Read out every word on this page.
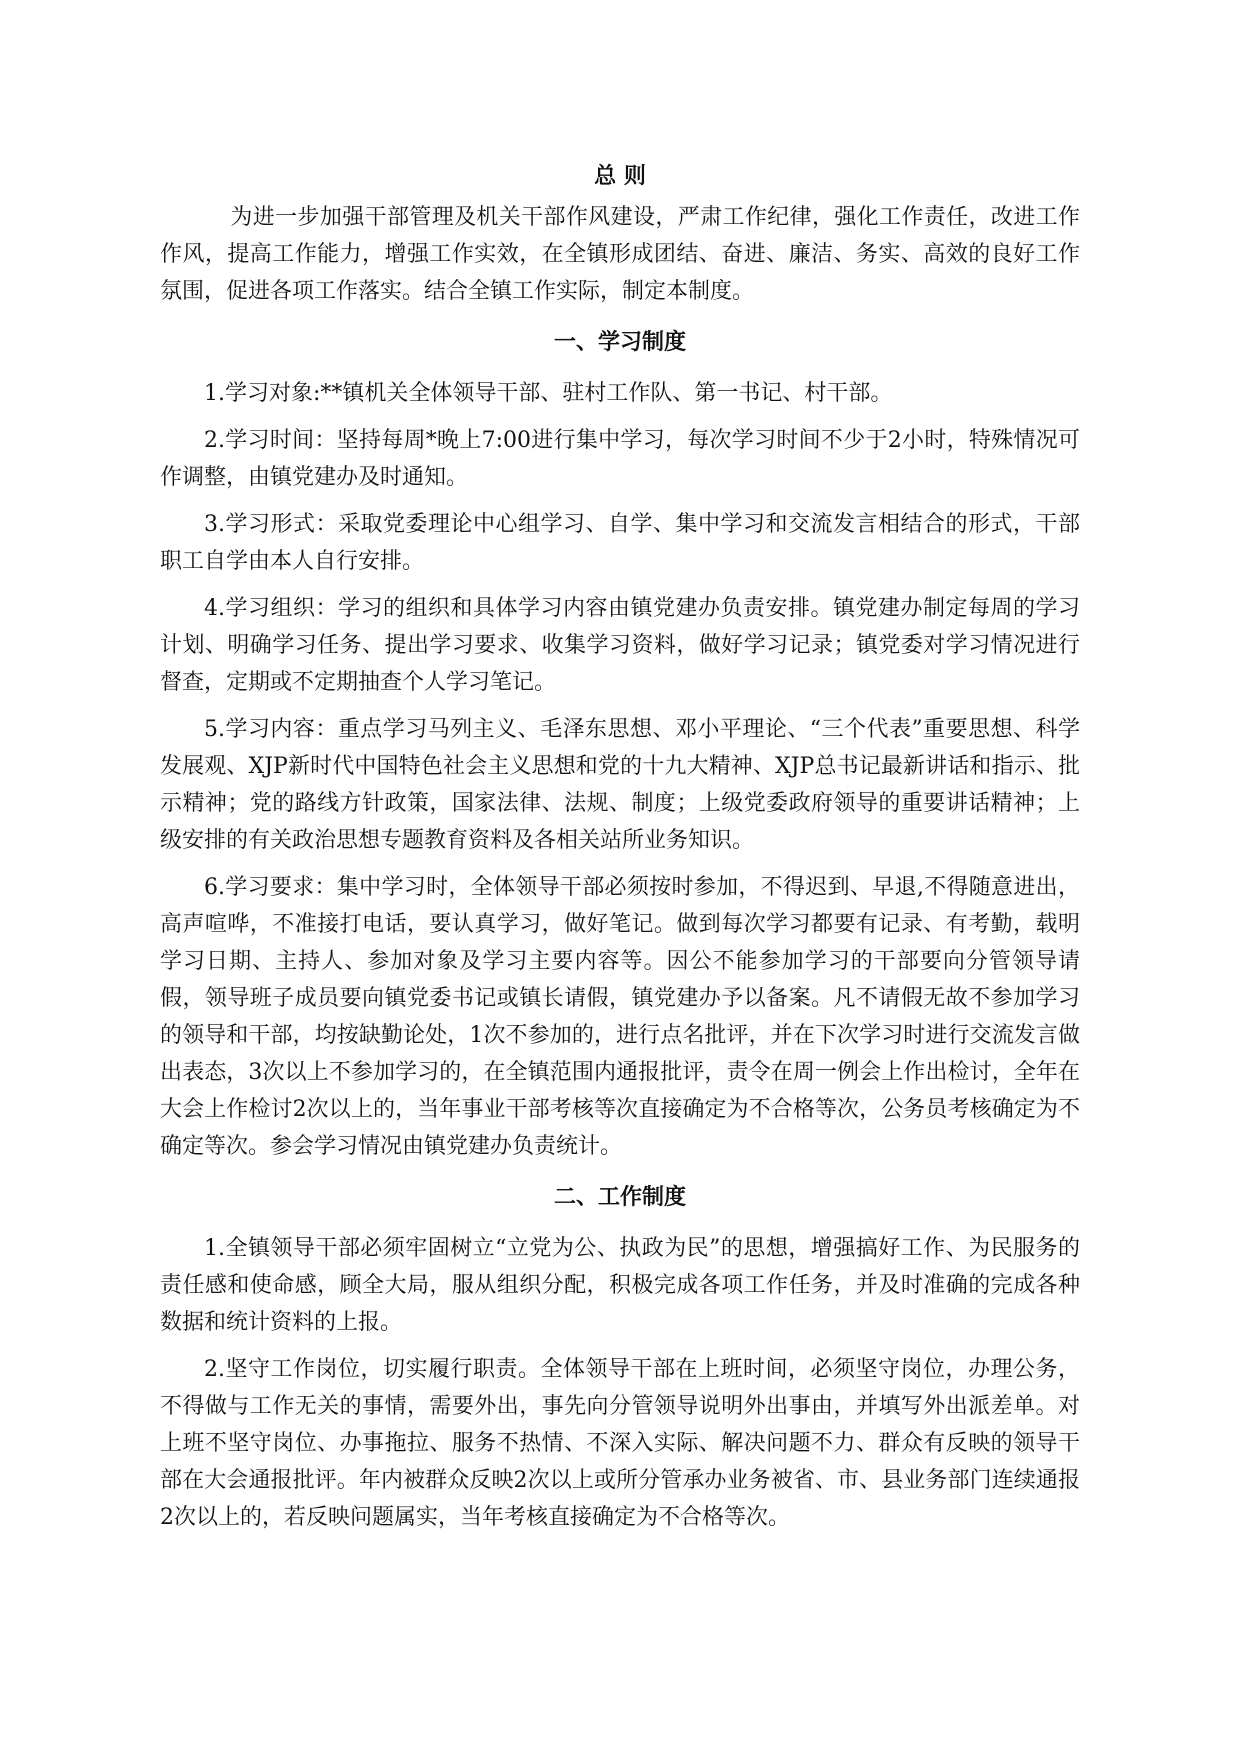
总 则

为进一步加强干部管理及机关干部作风建设，严肃工作纪律，强化工作责任，改进工作作风，提高工作能力，增强工作实效，在全镇形成团结、奋进、廉洁、务实、高效的良好工作氛围，促进各项工作落实。结合全镇工作实际，制定本制度。

一、学习制度

1.学习对象:**镇机关全体领导干部、驻村工作队、第一书记、村干部。

2.学习时间：坚持每周*晚上7:00进行集中学习，每次学习时间不少于2小时，特殊情况可作调整，由镇党建办及时通知。

3.学习形式：采取党委理论中心组学习、自学、集中学习和交流发言相结合的形式，干部职工自学由本人自行安排。

4.学习组织：学习的组织和具体学习内容由镇党建办负责安排。镇党建办制定每周的学习计划、明确学习任务、提出学习要求、收集学习资料，做好学习记录；镇党委对学习情况进行督查，定期或不定期抽查个人学习笔记。

5.学习内容：重点学习马列主义、毛泽东思想、邓小平理论、“三个代表”重要思想、科学发展观、XJP新时代中国特色社会主义思想和党的十九大精神、XJP总书记最新讲话和指示、批示精神；党的路线方针政策，国家法律、法规、制度；上级党委政府领导的重要讲话精神；上级安排的有关政治思想专题教育资料及各相关站所业务知识。

6.学习要求：集中学习时，全体领导干部必须按时参加，不得迟到、早退,不得随意进出，高声喧哗，不准接打电话，要认真学习，做好笔记。做到每次学习都要有记录、有考勤，载明学习日期、主持人、参加对象及学习主要内容等。因公不能参加学习的干部要向分管领导请假，领导班子成员要向镇党委书记或镇长请假，镇党建办予以备案。凡不请假无故不参加学习的领导和干部，均按缺勤论处，1次不参加的，进行点名批评，并在下次学习时进行交流发言做出表态，3次以上不参加学习的，在全镇范围内通报批评，责令在周一例会上作出检讨，全年在大会上作检讨2次以上的，当年事业干部考核等次直接确定为不合格等次，公务员考核确定为不确定等次。参会学习情况由镇党建办负责统计。

二、工作制度

1.全镇领导干部必须牢固树立“立党为公、执政为民”的思想，增强搞好工作、为民服务的责任感和使命感，顾全大局，服从组织分配，积极完成各项工作任务，并及时准确的完成各种数据和统计资料的上报。

2.坚守工作岗位，切实履行职责。全体领导干部在上班时间，必须坚守岗位，办理公务，不得做与工作无关的事情，需要外出，事先向分管领导说明外出事由，并填写外出派差单。对上班不坚守岗位、办事拖拉、服务不热情、不深入实际、解决问题不力、群众有反映的领导干部在大会通报批评。年内被群众反映2次以上或所分管承办业务被省、市、县业务部门连续通报2次以上的，若反映问题属实，当年考核直接确定为不合格等次。
